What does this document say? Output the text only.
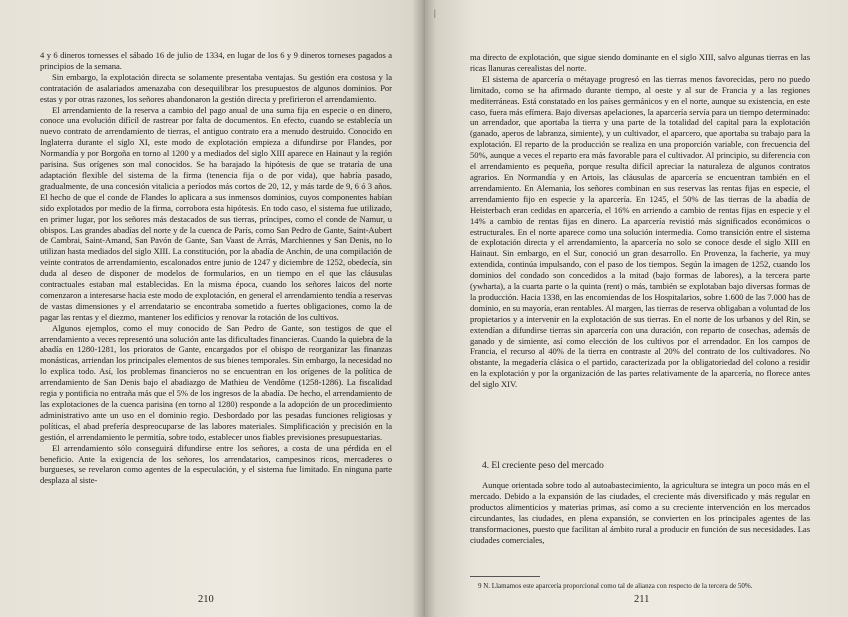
4 y 6 dineros tornesses el sábado 16 de julio de 1334, en lugar de los 6 y 9 dineros torneses pagados a principios de la semana.

Sin embargo, la explotación directa se solamente presentaba ventajas. Su gestión era costosa y la contratación de asalariados amenazaba con desequilibrar los presupuestos de algunos dominios. Por estas y por otras razones, los señores abandonaron la gestión directa y prefirieron el arrendamiento.

El arrendamiento de la reserva a cambio del pago anual de una suma fija en especie o en dinero, conoce una evolución difícil de rastrear por falta de documentos. En efecto, cuando se establecía un nuevo contrato de arrendamiento de tierras, el antiguo contrato era a menudo destruido. Conocido en Inglaterra durante el siglo XI, este modo de explotación empieza a difundirse por Flandes, por Normandía y por Borgoña en torno al 1200 y a mediados del siglo XIII aparece en Hainaut y la región parisina. Sus orígenes son mal conocidos. Se ha barajado la hipótesis de que se trataría de una adaptación flexible del sistema de la firma (tenencia fija o de por vida), que habría pasado, gradualmente, de una concesión vitalicia a períodos más cortos de 20, 12, y más tarde de 9, 6 ó 3 años. El hecho de que el conde de Flandes lo aplicara a sus inmensos dominios, cuyos componentes habían sido explotados por medio de la firma, corrobora esta hipótesis. En todo caso, el sistema fue utilizado, en primer lugar, por los señores más destacados de sus tierras, príncipes, como el conde de Namur, u obispos. Las grandes abadías del norte y de la cuenca de París, como San Pedro de Gante, Saint-Aubert de Cambrai, Saint-Amand, San Pavón de Gante, San Vaast de Arrás, Marchiennes y San Denis, no lo utilizan hasta mediados del siglo XIII. La constitución, por la abadía de Anchin, de una compilación de veinte contratos de arrendamiento, escalonados entre junio de 1247 y diciembre de 1252, obedecía, sin duda al deseo de disponer de modelos de formularios, en un tiempo en el que las cláusulas contractuales estaban mal establecidas. En la misma época, cuando los señores laicos del norte comenzaron a interesarse hacia este modo de explotación, en general el arrendamiento tendía a reservas de vastas dimensiones y el arrendatario se encontraba sometido a fuertes obligaciones, como la de pagar las rentas y el diezmo, mantener los edificios y renovar la rotación de los cultivos.

Algunos ejemplos, como el muy conocido de San Pedro de Gante, son testigos de que el arrendamiento a veces representó una solución ante las dificultades financieras. Cuando la quiebra de la abadía en 1280-1281, los prioratos de Gante, encargados por el obispo de reorganizar las finanzas monásticas, arriendan los principales elementos de sus bienes temporales. Sin embargo, la necesidad no lo explica todo. Así, los problemas financieros no se encuentran en los orígenes de la política de arrendamiento de San Denis bajo el abadiazgo de Mathieu de Vendôme (1258-1286). La fiscalidad regia y pontificia no entraña más que el 5% de los ingresos de la abadía. De hecho, el arrendamiento de las explotaciones de la cuenca parisina (en torno al 1280) responde a la adopción de un procedimiento administrativo ante un uso en el dominio regio. Desbordado por las pesadas funciones religiosas y políticas, el abad prefería despreocuparse de las labores materiales. Simplificación y precisión en la gestión, el arrendamiento le permitía, sobre todo, establecer unos fiables previsiones presupuestarias.

El arrendamiento sólo conseguirá difundirse entre los señores, a costa de una pérdida en el beneficio. Ante la exigencia de los señores, los arrendatarios, campesinos ricos, mercaderes o burgueses, se revelaron como agentes de la especulación, y el sistema fue limitado. En ninguna parte desplaza al siste-

210
|

ma directo de explotación, que sigue siendo dominante en el siglo XIII, salvo algunas tierras en las ricas llanuras cerealistas del norte.

El sistema de aparcería o métayage progresó en las tierras menos favorecidas, pero no puedo limitado, como se ha afirmado durante tiempo, al oeste y al sur de Francia y a las regiones mediterráneas. Está constatado en los países germánicos y en el norte, aunque su existencia, en este caso, fuera más efímera. Bajo diversas apelaciones, la aparcería servía para un tiempo determinado: un arrendador, que aportaba la tierra y una parte de la totalidad del capital para la explotación (ganado, aperos de labranza, simiente), y un cultivador, el aparcero, que aportaba su trabajo para la explotación. El reparto de la producción se realiza en una proporción variable, con frecuencia del 50%, aunque a veces el reparto era más favorable para el cultivador. Al principio, su diferencia con el arrendamiento es pequeña, porque resulta difícil apreciar la naturaleza de algunos contratos agrarios. En Normandía y en Artois, las cláusulas de aparcería se encuentran también en el arrendamiento. En Alemania, los señores combinan en sus reservas las rentas fijas en especie, el arrendamiento fijo en especie y la aparcería. En 1245, el 50% de las tierras de la abadía de Heisterbach eran cedidas en aparcería, el 16% en arriendo a cambio de rentas fijas en especie y el 14% a cambio de rentas fijas en dinero. La aparcería revistió más significados económicos o estructurales. En el norte aparece como una solución intermedia. Como transición entre el sistema de explotación directa y el arrendamiento, la aparcería no solo se conoce desde el siglo XIII en Hainaut. Sin embargo, en el Sur, conoció un gran desarrollo. En Provenza, la facherie, ya muy extendida, continúa impulsando, con el paso de los tiempos. Según la imagen de 1252, cuando los dominios del condado son concedidos a la mitad (bajo formas de labores), a la tercera parte (ywharta), a la cuarta parte o la quinta (rent) o más, también se explotaban bajo diversas formas de la producción. Hacia 1338, en las encomiendas de los Hospitalarios, sobre 1.600 de las 7.000 has de dominio, en su mayoría, eran rentables. Al margen, las tierras de reserva obligaban a voluntad de los propietarios y a intervenir en la explotación de sus tierras. En el norte de los urbanos y del Rin, se extendían a difundirse tierras sin aparcería con una duración, con reparto de cosechas, además de ganado y de simiente, así como elección de los cultivos por el arrendador. En los campos de Francia, el recurso al 40% de la tierra en contraste al 20% del contrato de los cultivadores. No obstante, la megadería clásica o el partido, caracterizada por la obligatoriedad del colono a residir en la explotación y por la organización de las partes relativamente de la aparcería, no florece antes del siglo XIV.

4. El creciente peso del mercado

Aunque orientada sobre todo al autoabastecimiento, la agricultura se integra un poco más en el mercado. Debido a la expansión de las ciudades, el creciente más diversificado y más regular en productos alimenticios y materias primas, así como a su creciente intervención en los mercados circundantes, las ciudades, en plena expansión, se convierten en los principales agentes de las transformaciones, puesto que facilitan al ámbito rural a producir en función de sus necesidades. Las ciudades comerciales,

9 N. Llamamos este aparcería proporcional como tal de alianza con respecto de la tercera de 50%.
211
